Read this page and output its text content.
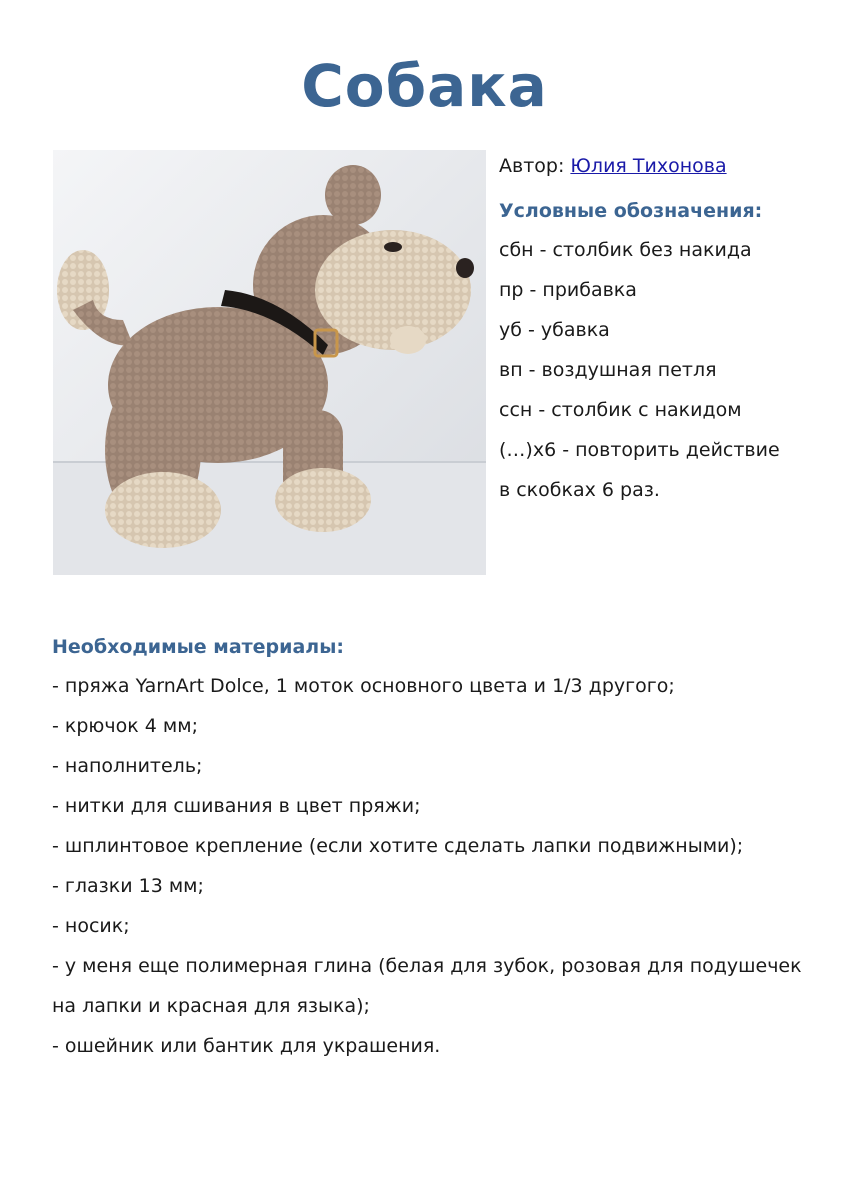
Собака
Автор: Юлия Тихонова
Условные обозначения:
сбн - столбик без накида
пр - прибавка
уб - убавка
вп - воздушная петля
ссн - столбик с накидом
(…)х6 - повторить действие
в скобках 6 раз.
Необходимые материалы:
- пряжа YarnArt Dolce, 1 моток основного цвета и 1/3 другого;
- крючок 4 мм;
- наполнитель;
- нитки для сшивания в цвет пряжи;
- шплинтовое крепление (если хотите сделать лапки подвижными);
- глазки 13 мм;
- носик;
- у меня еще полимерная глина (белая для зубок, розовая для подушечек на лапки и красная для языка);
- ошейник или бантик для украшения.
